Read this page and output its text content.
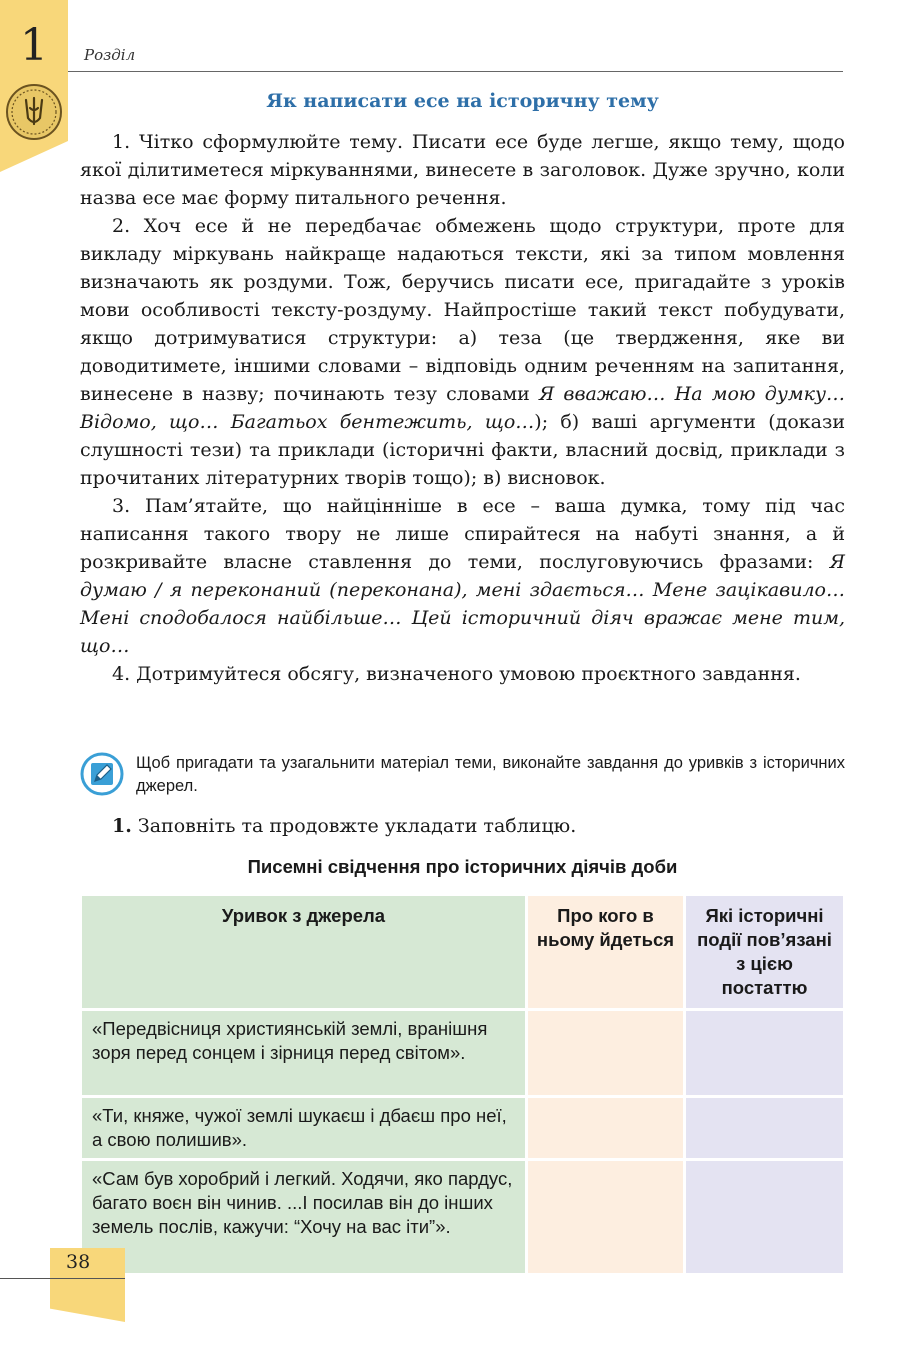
1	Розділ
Як написати есе на історичну тему

1. Чітко сформулюйте тему. Писати есе буде легше, якщо тему, щодо якої ділитиметеся міркуваннями, винесете в заголовок. Дуже зручно, коли назва есе має форму питального речення.

2. Хоч есе й не передбачає обмежень щодо структури, проте для викладу міркувань найкраще надаються тексти, які за типом мовлення визначають як роздуми. Тож, беручись писати есе, пригадайте з уроків мови особливості тексту-роздуму. Найпростіше такий текст побудувати, якщо дотримуватися структури: а) теза (це твердження, яке ви доводитимете, іншими словами – відповідь одним реченням на запитання, винесене в назву; починають тезу словами Я вважаю… На мою думку… Відомо, що… Багатьох бентежить, що…); б) ваші аргументи (докази слушності тези) та приклади (історичні факти, власний досвід, приклади з прочитаних літературних творів тощо); в) висновок.

3. Пам’ятайте, що найцінніше в есе – ваша думка, тому під час написання такого твору не лише спирайтеся на набуті знання, а й розкривайте власне ставлення до теми, послуговуючись фразами: Я думаю / я переконаний (переконана), мені здається… Мене зацікавило… Мені сподобалося найбільше… Цей історичний діяч вражає мене тим, що…

4. Дотримуйтеся обсягу, визначеного умовою проєктного завдання.

Щоб пригадати та узагальнити матеріал теми, виконайте завдання до уривків з історичних джерел.
1. Заповніть та продовжте укладати таблицю.
Писемні свідчення про історичних діячів доби
Уривок з джерела	Про кого в ньому йдеться	Які історичні події пов’язані з цією постаттю
«Передвісниця християнській землі, вранішня зоря перед сонцем і зірниця перед світом».		
«Ти, княже, чужої землі шукаєш і дбаєш про неї, а свою полишив».		
«Сам був хоробрий і легкий. Ходячи, яко пардус, багато воєн він чинив. ...І посилав він до інших земель послів, кажучи: “Хочу на вас іти”».		
38
